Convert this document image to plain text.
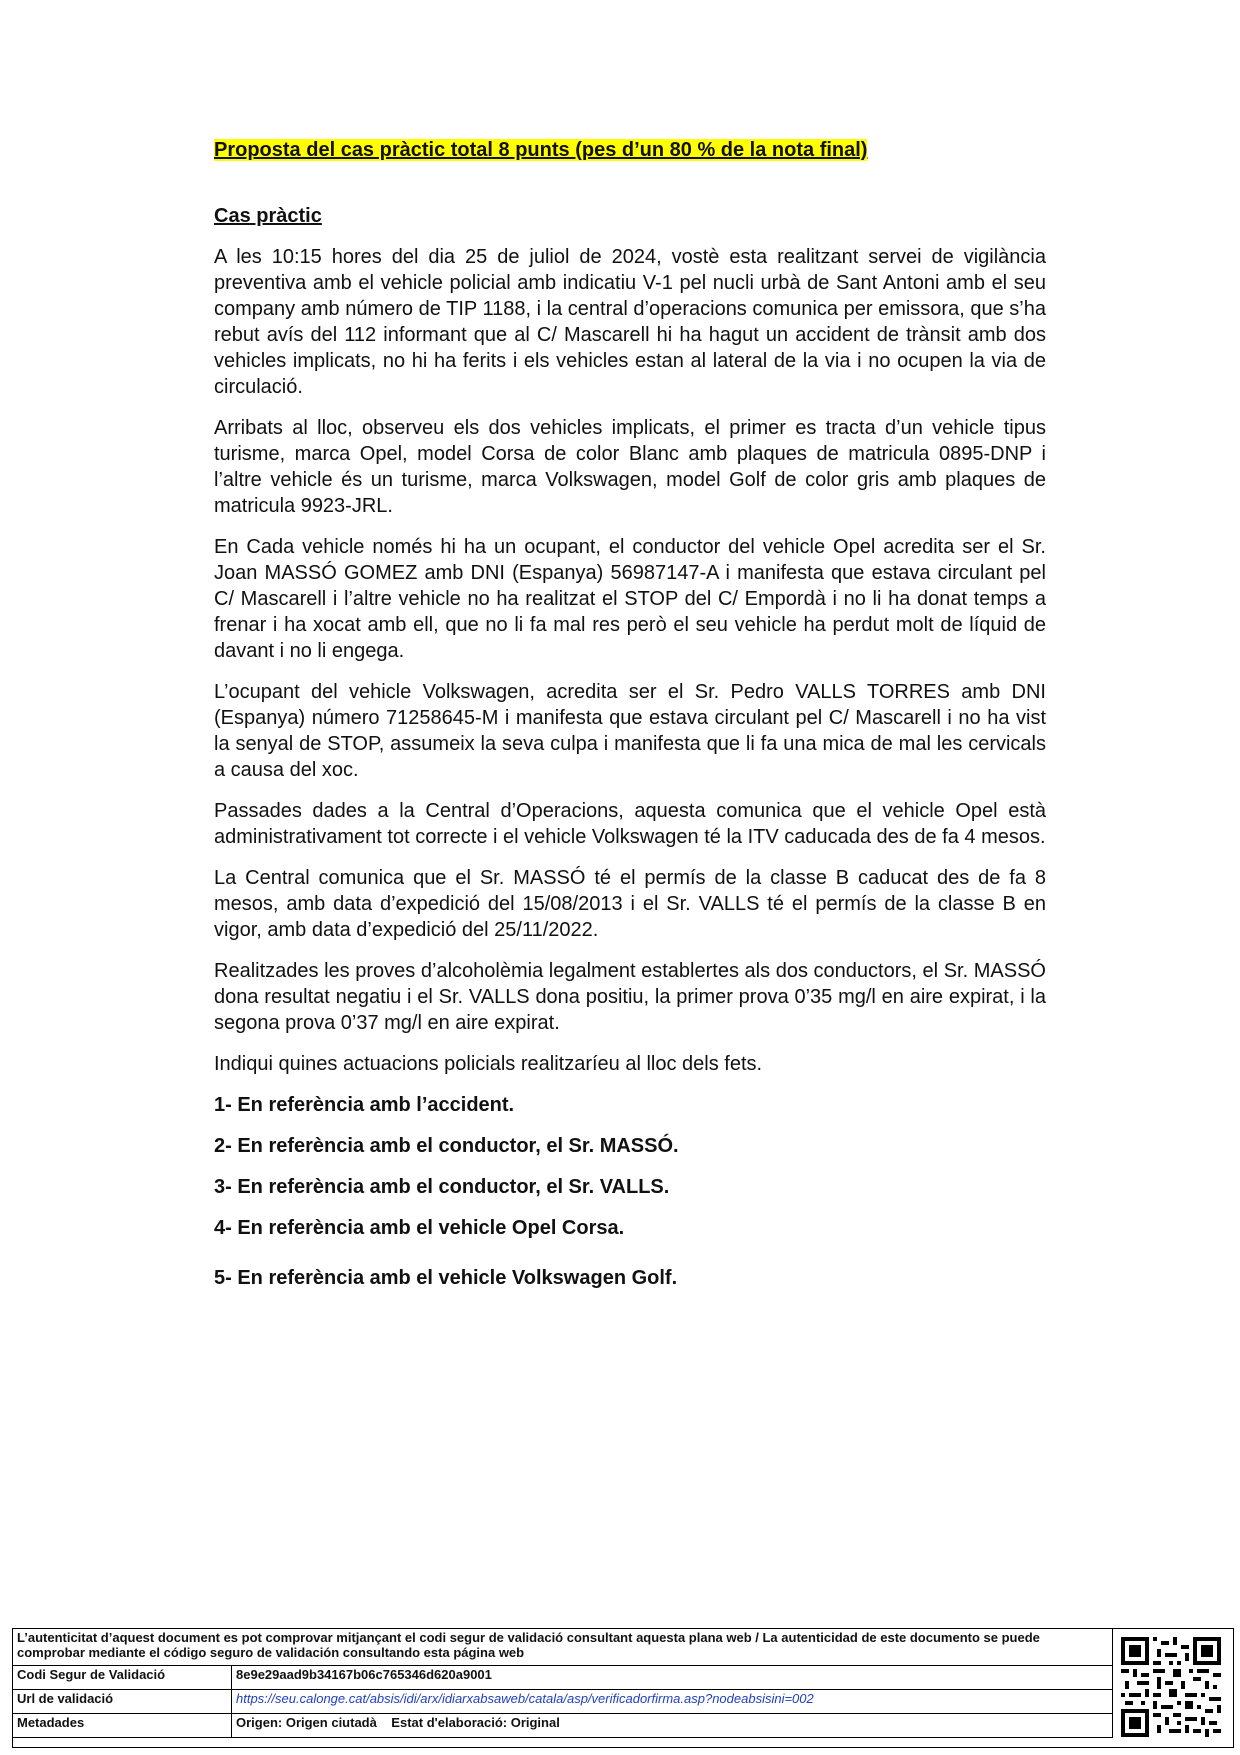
Proposta del cas pràctic total 8 punts (pes d’un 80 % de la nota final)
Cas pràctic

A les 10:15 hores del dia 25 de juliol de 2024, vostè esta realitzant servei de vigilància preventiva amb el vehicle policial amb indicatiu V-1 pel nucli urbà de Sant Antoni amb el seu company amb número de TIP 1188, i la central d’operacions comunica per emissora, que s’ha rebut avís del 112 informant que al C/ Mascarell hi ha hagut un accident de trànsit amb dos vehicles implicats, no hi ha ferits i els vehicles estan al lateral de la via i no ocupen la via de circulació.

Arribats al lloc, observeu els dos vehicles implicats, el primer es tracta d’un vehicle tipus turisme, marca Opel, model Corsa de color Blanc amb plaques de matricula 0895-DNP i l’altre vehicle és un turisme, marca Volkswagen, model Golf de color gris amb plaques de matricula 9923-JRL.

En Cada vehicle només hi ha un ocupant, el conductor del vehicle Opel acredita ser el Sr. Joan MASSÓ GOMEZ amb DNI (Espanya) 56987147-A i manifesta que estava circulant pel C/ Mascarell i l’altre vehicle no ha realitzat el STOP del C/ Empordà i no li ha donat temps a frenar i ha xocat amb ell, que no li fa mal res però el seu vehicle ha perdut molt de líquid de davant i no li engega.

L’ocupant del vehicle Volkswagen, acredita ser el Sr. Pedro VALLS TORRES amb DNI (Espanya) número 71258645-M i manifesta que estava circulant pel C/ Mascarell i no ha vist la senyal de STOP, assumeix la seva culpa i manifesta que li fa una mica de mal les cervicals a causa del xoc.

Passades dades a la Central d’Operacions, aquesta comunica que el vehicle Opel està administrativament tot correcte i el vehicle Volkswagen té la ITV caducada des de fa 4 mesos.

La Central comunica que el Sr. MASSÓ té el permís de la classe B caducat des de fa 8 mesos, amb data d’expedició del 15/08/2013 i el Sr. VALLS té el permís de la classe B en vigor, amb data d’expedició del 25/11/2022.

Realitzades les proves d’alcoholèmia legalment establertes als dos conductors, el Sr. MASSÓ dona resultat negatiu i el Sr. VALLS dona positiu, la primer prova 0’35 mg/l en aire expirat, i la segona prova 0’37 mg/l en aire expirat.

Indiqui quines actuacions policials realitzaríeu al lloc dels fets.

1- En referència amb l’accident.

2- En referència amb el conductor, el Sr. MASSÓ.

3- En referència amb el conductor, el Sr. VALLS.

4- En referència amb el vehicle Opel Corsa.

5- En referència amb el vehicle Volkswagen Golf.

L’autenticitat d’aquest document es pot comprovar mitjançant el codi segur de validació consultant aquesta plana web / La autenticidad de este documento se puede comprobar mediante el código seguro de validación consultando esta página web	
Codi Segur de Validació	8e9e29aad9b34167b06c765346d620a9001
Url de validació	https://seu.calonge.cat/absis/idi/arx/idiarxabsaweb/catala/asp/verificadorfirma.asp?nodeabsisini=002
Metadades	Origen: Origen ciutadà    Estat d'elaboració: Original
